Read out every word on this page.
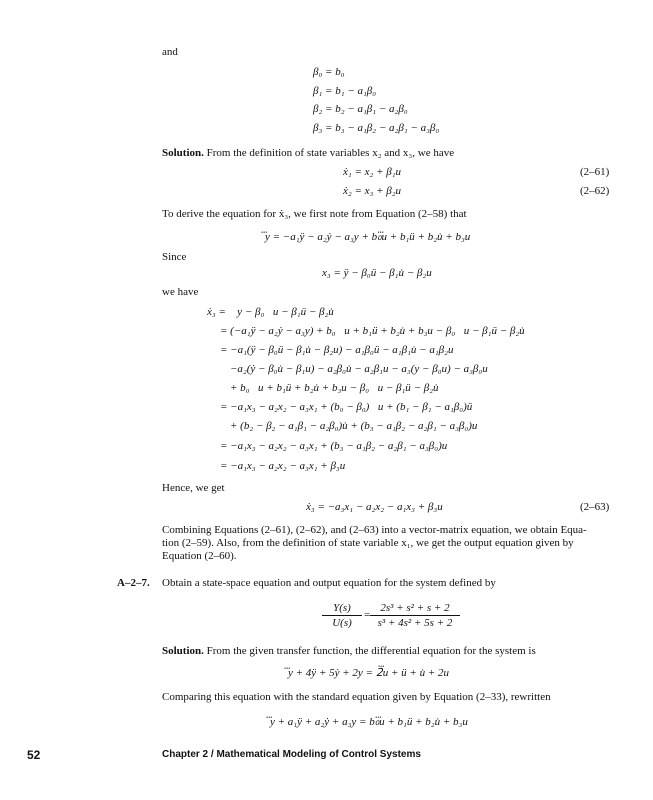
and
β₀ = b₀
β₁ = b₁ − a₁β₀
β₂ = b₂ − a₁β₁ − a₂β₀
β₃ = b₃ − a₁β₂ − a₂β₁ − a₃β₀
Solution. From the definition of state variables x₂ and x₃, we have
ẋ₁ = x₂ + β₁u	(2–61)
ẋ₂ = x₃ + β₂u	(2–62)
To derive the equation for ẋ₃, we first note from Equation (2–58) that
⃛y = −a₁ÿ − a₂ẏ − a₃y + b₀⃛u + b₁ü + b₂u̇ + b₃u
Since
x₃ = ÿ − β₀ü − β₁u̇ − β₂u
we have
ẋ₃ = ⃛y − β₀⃛u − β₁ü − β₂u̇
= (−a₁ÿ − a₂ẏ − a₃y) + b₀⃛u + b₁ü + b₂u̇ + b₃u − β₀⃛u − β₁ü − β₂u̇
= −a₁(ÿ − β₀ü − β₁u̇ − β₂u) − a₁β₀ü − a₁β₁u̇ − a₁β₂u
−a₂(ẏ − β₀u̇ − β₁u) − a₂β₀u̇ − a₂β₁u − a₃(y − β₀u) − a₃β₀u
+ b₀⃛u + b₁ü + b₂u̇ + b₃u − β₀⃛u − β₁ü − β₂u̇
= −a₁x₃ − a₂x₂ − a₃x₁ + (b₀ − β₀)⃛u + (b₁ − β₁ − a₁β₀)ü
+ (b₂ − β₂ − a₁β₁ − a₂β₀)u̇ + (b₃ − a₁β₂ − a₂β₁ − a₃β₀)u
= −a₁x₃ − a₂x₂ − a₃x₁ + (b₃ − a₁β₂ − a₂β₁ − a₃β₀)u
= −a₁x₃ − a₂x₂ − a₃x₁ + β₃u
Hence, we get
ẋ₃ = −a₃x₁ − a₂x₂ − a₁x₃ + β₃u	(2–63)
Combining Equations (2–61), (2–62), and (2–63) into a vector-matrix equation, we obtain Equa-
tion (2–59). Also, from the definition of state variable x₁, we get the output equation given by
Equation (2–60).
A–2–7. Obtain a state-space equation and output equation for the system defined by
Y(s)
U(s)
=
2s³ + s² + s + 2
s³ + 4s² + 5s + 2
Solution. From the given transfer function, the differential equation for the system is
⃛y + 4ÿ + 5ẏ + 2y = 2⃛u + ü + u̇ + 2u
Comparing this equation with the standard equation given by Equation (2–33), rewritten
⃛y + a₁ÿ + a₂ẏ + a₃y = b₀⃛u + b₁ü + b₂u̇ + b₃u
52	Chapter 2 / Mathematical Modeling of Control Systems
